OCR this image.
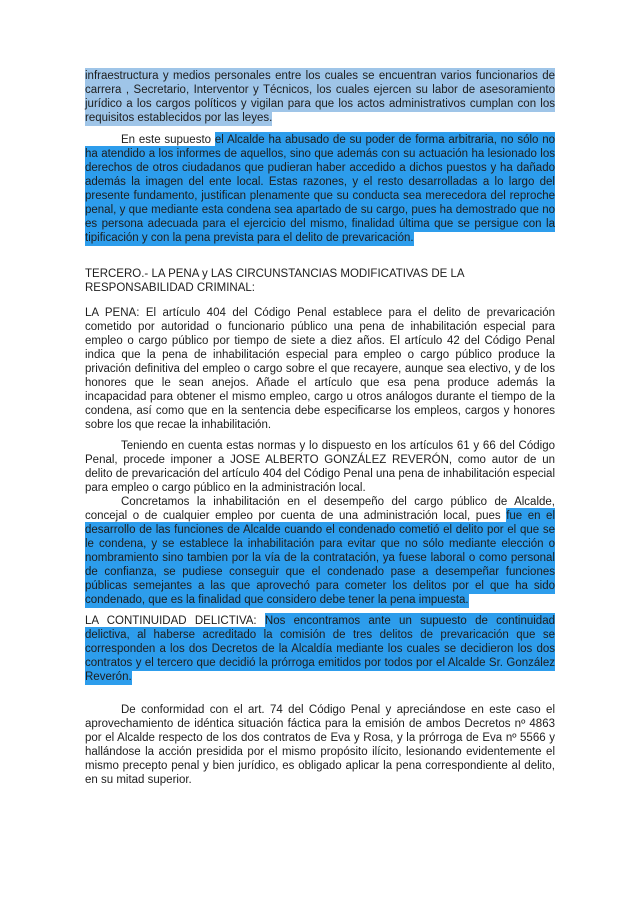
infraestructura y medios personales entre los cuales se encuentran varios funcionarios de carrera , Secretario, Interventor y Técnicos, los cuales ejercen su labor de asesoramiento jurídico a los cargos políticos y vigilan para que los actos administrativos cumplan con los requisitos establecidos por las leyes.

En este supuesto el Alcalde ha abusado de su poder de forma arbitraria, no sólo no ha atendido a los informes de aquellos, sino que además con su actuación ha lesionado los derechos de otros ciudadanos que pudieran haber accedido a dichos puestos y ha dañado además la imagen del ente local. Estas razones, y el resto desarrolladas a lo largo del presente fundamento, justifican plenamente que su conducta sea merecedora del reproche penal, y que mediante esta condena sea apartado de su cargo, pues ha demostrado que no es persona adecuada para el ejercicio del mismo, finalidad última que se persigue con la tipificación y con la pena prevista para el delito de prevaricación.

TERCERO.- LA PENA y LAS CIRCUNSTANCIAS MODIFICATIVAS DE LA RESPONSABILIDAD CRIMINAL:

LA PENA: El artículo 404 del Código Penal establece para el delito de prevaricación cometido por autoridad o funcionario público una pena de inhabilitación especial para empleo o cargo público por tiempo de siete a diez años. El artículo 42 del Código Penal indica que la pena de inhabilitación especial para empleo o cargo público produce la privación definitiva del empleo o cargo sobre el que recayere, aunque sea electivo, y de los honores que le sean anejos. Añade el artículo que esa pena produce además la incapacidad para obtener el mismo empleo, cargo u otros análogos durante el tiempo de la condena, así como que en la sentencia debe especificarse los empleos, cargos y honores sobre los que recae la inhabilitación.

Teniendo en cuenta estas normas y lo dispuesto en los artículos 61 y 66 del Código Penal, procede imponer a JOSE ALBERTO GONZÁLEZ REVERÓN, como autor de un delito de prevaricación del artículo 404 del Código Penal una pena de inhabilitación especial para empleo o cargo público en la administración local.

Concretamos la inhabilitación en el desempeño del cargo público de Alcalde, concejal o de cualquier empleo por cuenta de una administración local, pues fue en el desarrollo de las funciones de Alcalde cuando el condenado cometió el delito por el que se le condena, y se establece la inhabilitación para evitar que no sólo mediante elección o nombramiento sino tambien por la vía de la contratación, ya fuese laboral o como personal de confianza, se pudiese conseguir que el condenado pase a desempeñar funciones públicas semejantes a las que aprovechó para cometer los delitos por el que ha sido condenado, que es la finalidad que considero debe tener la pena impuesta.

LA CONTINUIDAD DELICTIVA: Nos encontramos ante un supuesto de continuidad delictiva, al haberse acreditado la comisión de tres delitos de prevaricación que se corresponden a los dos Decretos de la Alcaldía mediante los cuales se decidieron los dos contratos y el tercero que decidió la prórroga emitidos por todos por el Alcalde Sr. González Reverón.

De conformidad con el art. 74 del Código Penal y apreciándose en este caso el aprovechamiento de idéntica situación fáctica para la emisión de ambos Decretos nº 4863 por el Alcalde respecto de los dos contratos de Eva y Rosa, y la prórroga de Eva nº 5566 y hallándose la acción presidida por el mismo propósito ilícito, lesionando evidentemente el mismo precepto penal y bien jurídico, es obligado aplicar la pena correspondiente al delito, en su mitad superior.
